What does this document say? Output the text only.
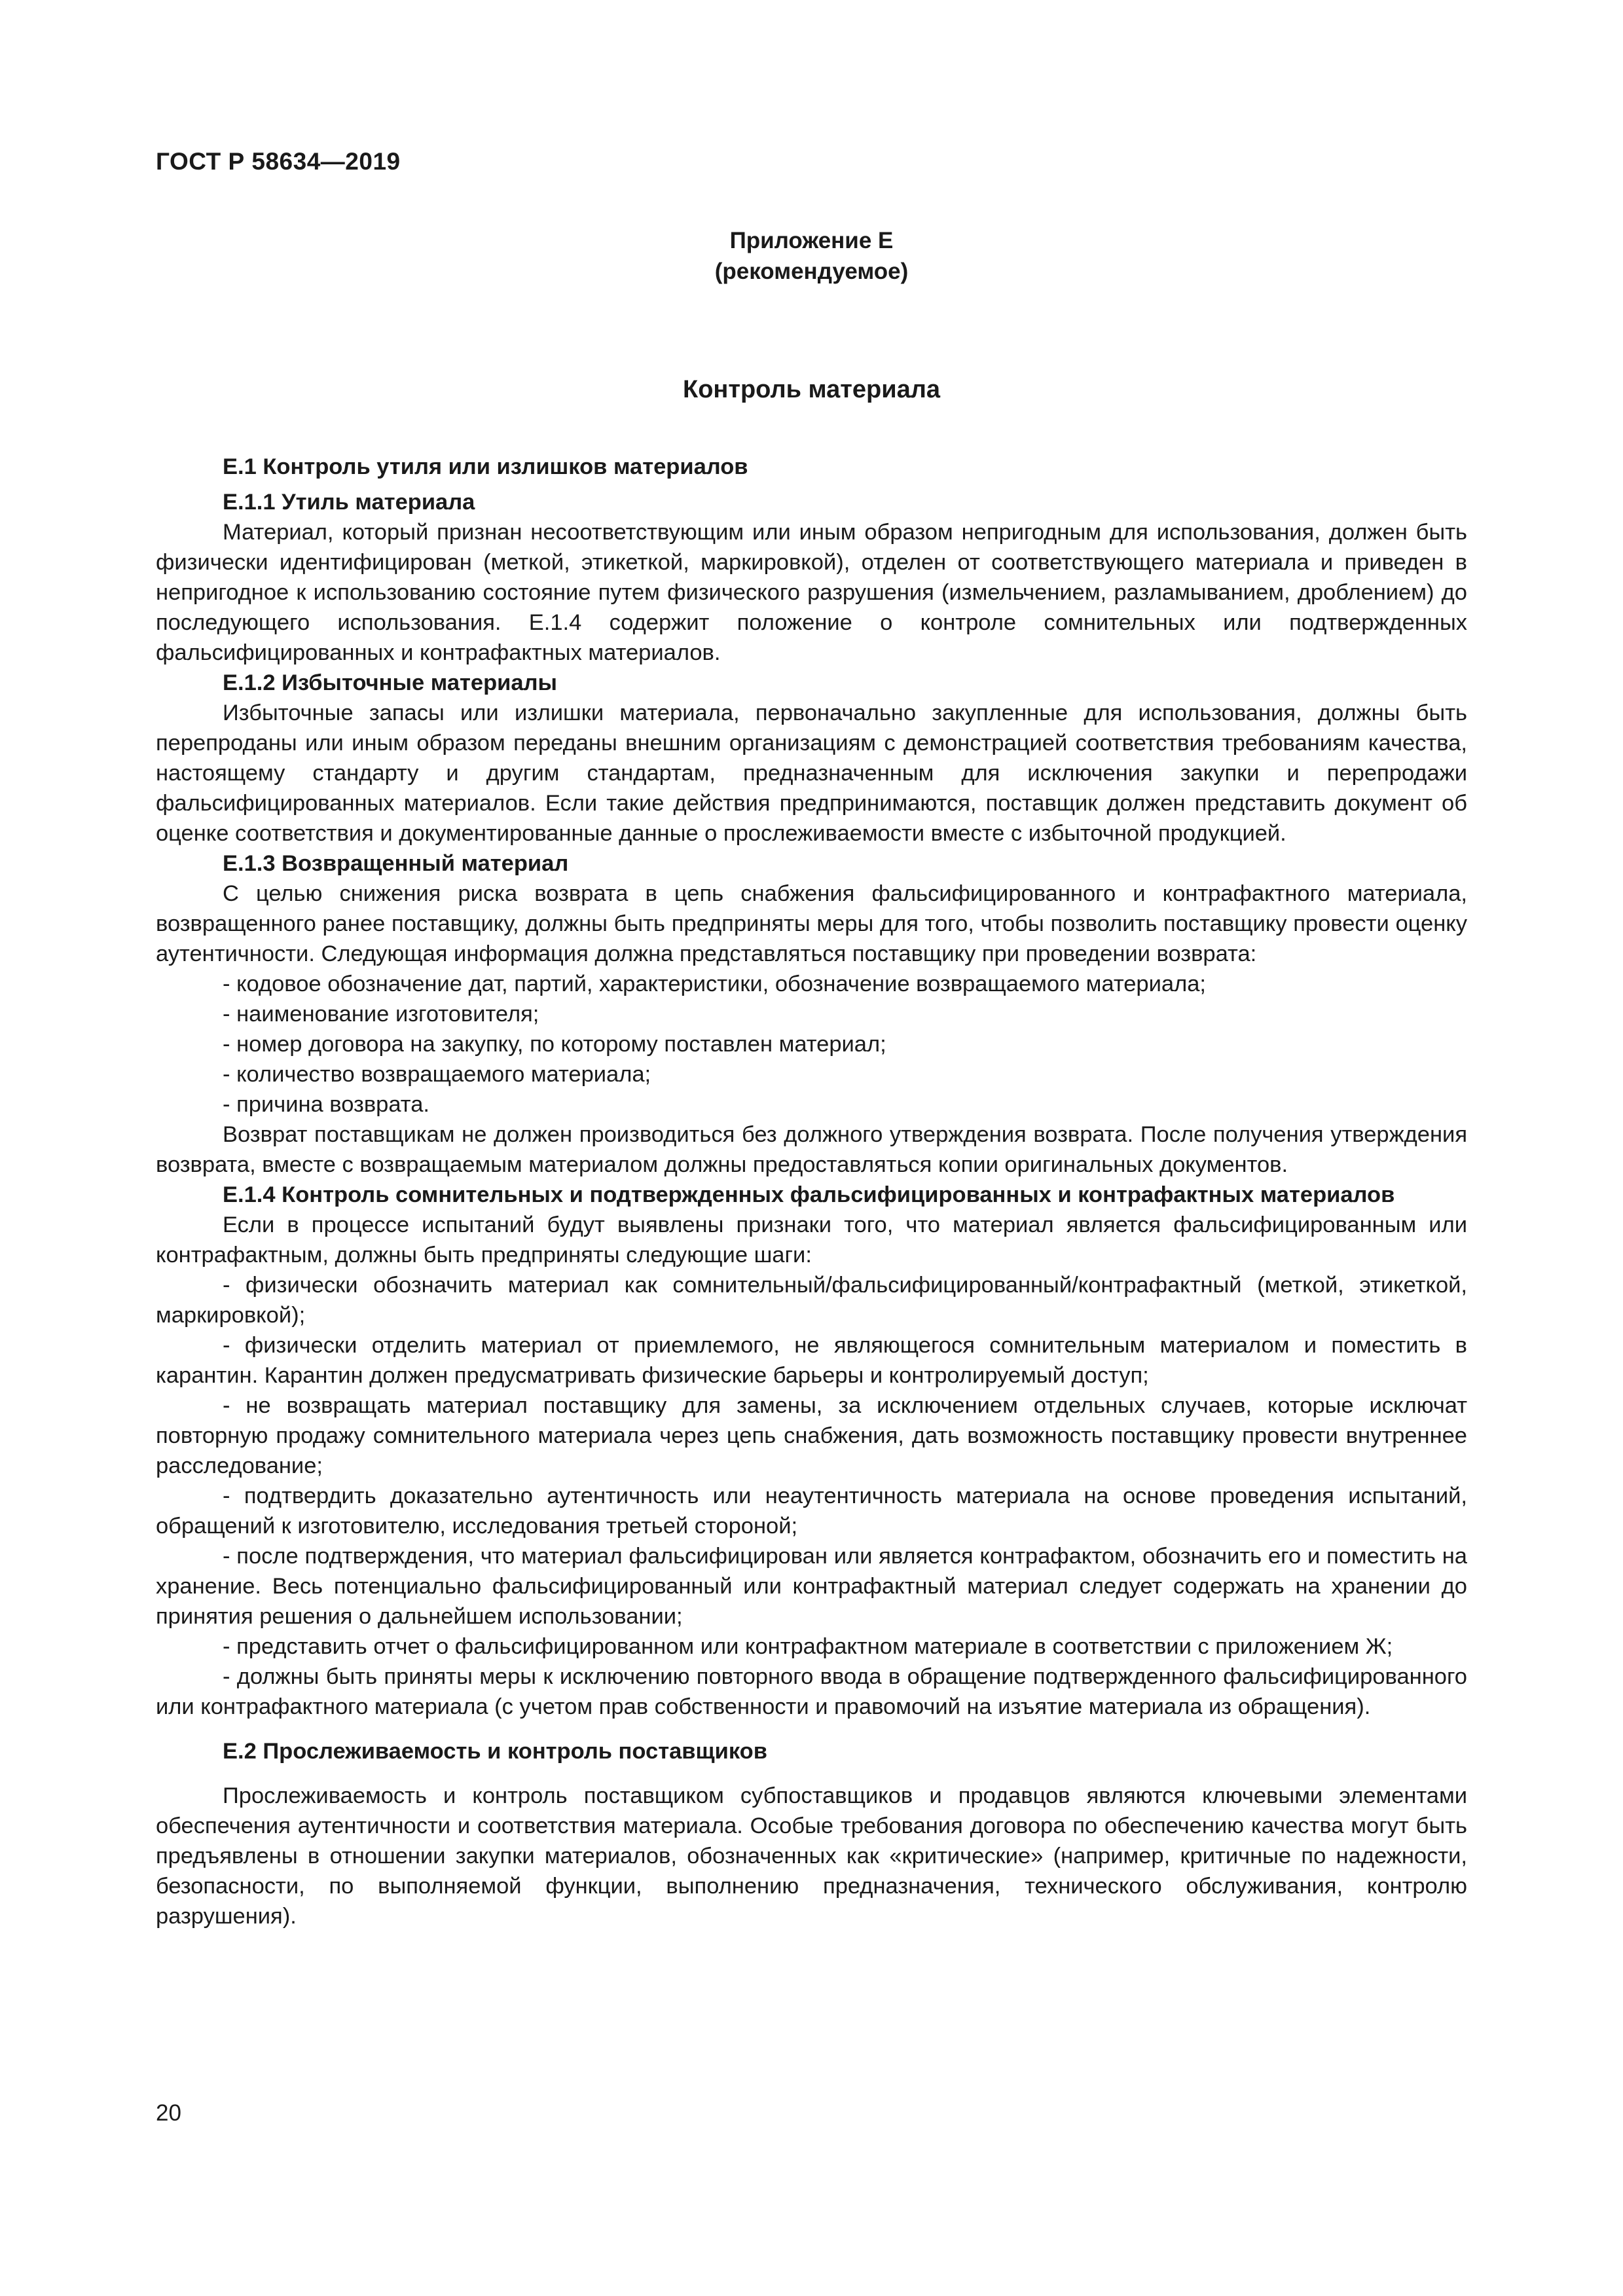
ГОСТ Р 58634—2019
Приложение Е
(рекомендуемое)
Контроль материала

Е.1 Контроль утиля или излишков материалов

Е.1.1 Утиль материала

Материал, который признан несоответствующим или иным образом непригодным для использования, должен быть физически идентифицирован (меткой, этикеткой, маркировкой), отделен от соответствующего материала и приведен в непригодное к использованию состояние путем физического разрушения (измельчением, разламыванием, дроблением) до последующего использования. Е.1.4 содержит положение о контроле сомнительных или подтвержденных фальсифицированных и контрафактных материалов.

Е.1.2 Избыточные материалы

Избыточные запасы или излишки материала, первоначально закупленные для использования, должны быть перепроданы или иным образом переданы внешним организациям с демонстрацией соответствия требованиям качества, настоящему стандарту и другим стандартам, предназначенным для исключения закупки и перепродажи фальсифицированных материалов. Если такие действия предпринимаются, поставщик должен представить документ об оценке соответствия и документированные данные о прослеживаемости вместе с избыточной продукцией.

Е.1.3 Возвращенный материал

С целью снижения риска возврата в цепь снабжения фальсифицированного и контрафактного материала, возвращенного ранее поставщику, должны быть предприняты меры для того, чтобы позволить поставщику провести оценку аутентичности. Следующая информация должна представляться поставщику при проведении возврата:

- кодовое обозначение дат, партий, характеристики, обозначение возвращаемого материала;

- наименование изготовителя;

- номер договора на закупку, по которому поставлен материал;

- количество возвращаемого материала;

- причина возврата.

Возврат поставщикам не должен производиться без должного утверждения возврата. После получения утверждения возврата, вместе с возвращаемым материалом должны предоставляться копии оригинальных документов.

Е.1.4 Контроль сомнительных и подтвержденных фальсифицированных и контрафактных материалов

Если в процессе испытаний будут выявлены признаки того, что материал является фальсифицированным или контрафактным, должны быть предприняты следующие шаги:

- физически обозначить материал как сомнительный/фальсифицированный/контрафактный (меткой, этикеткой, маркировкой);

- физически отделить материал от приемлемого, не являющегося сомнительным материалом и поместить в карантин. Карантин должен предусматривать физические барьеры и контролируемый доступ;

- не возвращать материал поставщику для замены, за исключением отдельных случаев, которые исключат повторную продажу сомнительного материала через цепь снабжения, дать возможность поставщику провести внутреннее расследование;

- подтвердить доказательно аутентичность или неаутентичность материала на основе проведения испытаний, обращений к изготовителю, исследования третьей стороной;

- после подтверждения, что материал фальсифицирован или является контрафактом, обозначить его и поместить на хранение. Весь потенциально фальсифицированный или контрафактный материал следует содержать на хранении до принятия решения о дальнейшем использовании;

- представить отчет о фальсифицированном или контрафактном материале в соответствии с приложением Ж;

- должны быть приняты меры к исключению повторного ввода в обращение подтвержденного фальсифицированного или контрафактного материала (с учетом прав собственности и правомочий на изъятие материала из обращения).

Е.2 Прослеживаемость и контроль поставщиков

Прослеживаемость и контроль поставщиком субпоставщиков и продавцов являются ключевыми элементами обеспечения аутентичности и соответствия материала. Особые требования договора по обеспечению качества могут быть предъявлены в отношении закупки материалов, обозначенных как «критические» (например, критичные по надежности, безопасности, по выполняемой функции, выполнению предназначения, технического обслуживания, контролю разрушения).

20
